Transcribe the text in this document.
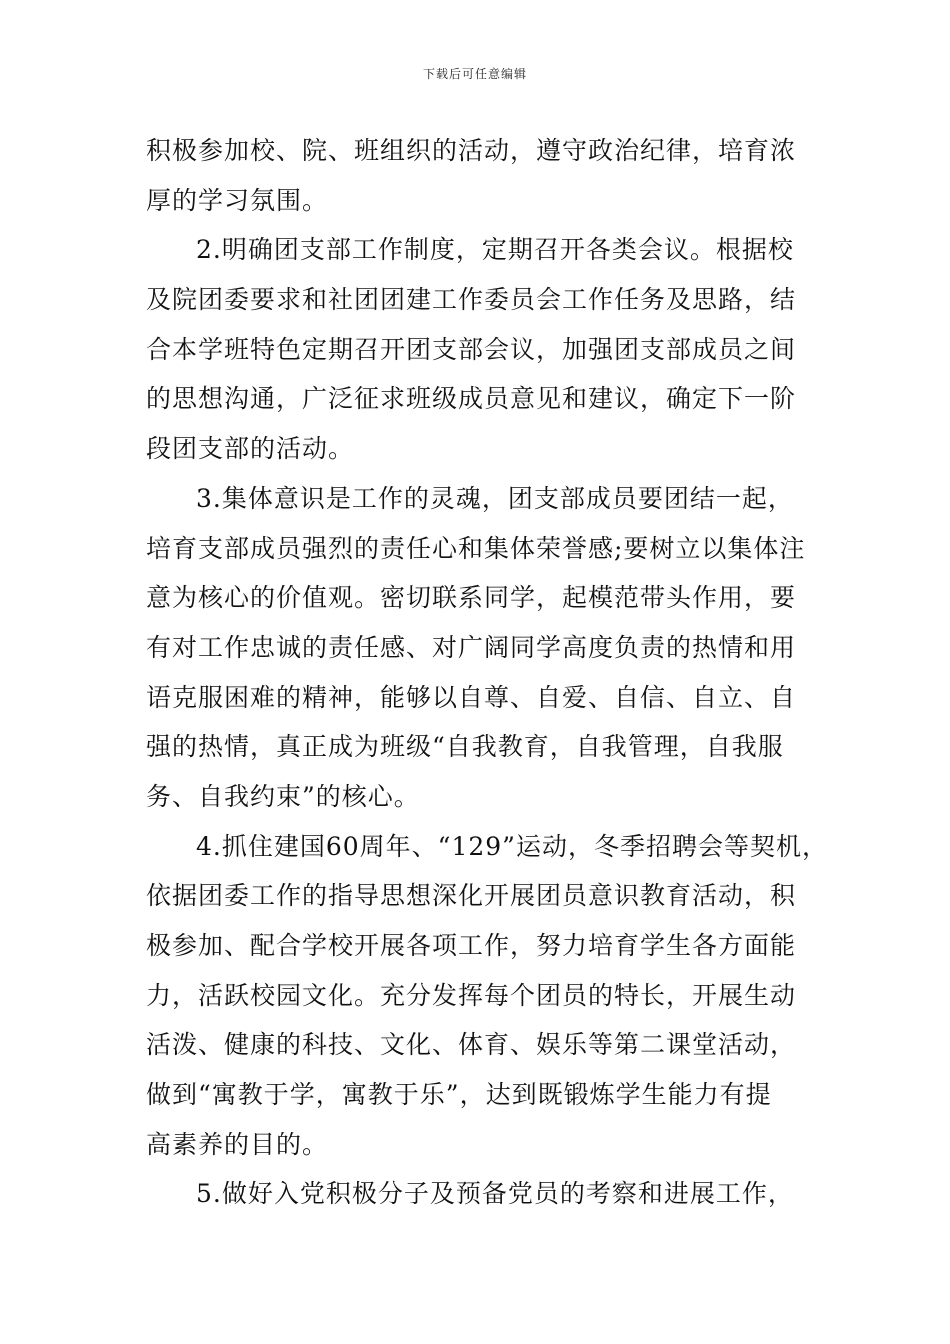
下载后可任意编辑
积极参加校、院、班组织的活动，遵守政治纪律，培育浓
厚的学习氛围。
2.明确团支部工作制度，定期召开各类会议。根据校
及院团委要求和社团团建工作委员会工作任务及思路，结
合本学班特色定期召开团支部会议，加强团支部成员之间
的思想沟通，广泛征求班级成员意见和建议，确定下一阶
段团支部的活动。
3.集体意识是工作的灵魂，团支部成员要团结一起，
培育支部成员强烈的责任心和集体荣誉感;要树立以集体注
意为核心的价值观。密切联系同学，起模范带头作用，要
有对工作忠诚的责任感、对广阔同学高度负责的热情和用
语克服困难的精神，能够以自尊、自爱、自信、自立、自
强的热情，真正成为班级“自我教育，自我管理，自我服
务、自我约束”的核心。
4.抓住建国60周年、“129”运动，冬季招聘会等契机，
依据团委工作的指导思想深化开展团员意识教育活动，积
极参加、配合学校开展各项工作，努力培育学生各方面能
力，活跃校园文化。充分发挥每个团员的特长，开展生动
活泼、健康的科技、文化、体育、娱乐等第二课堂活动，
做到“寓教于学，寓教于乐”，达到既锻炼学生能力有提
高素养的目的。
5.做好入党积极分子及预备党员的考察和进展工作，
